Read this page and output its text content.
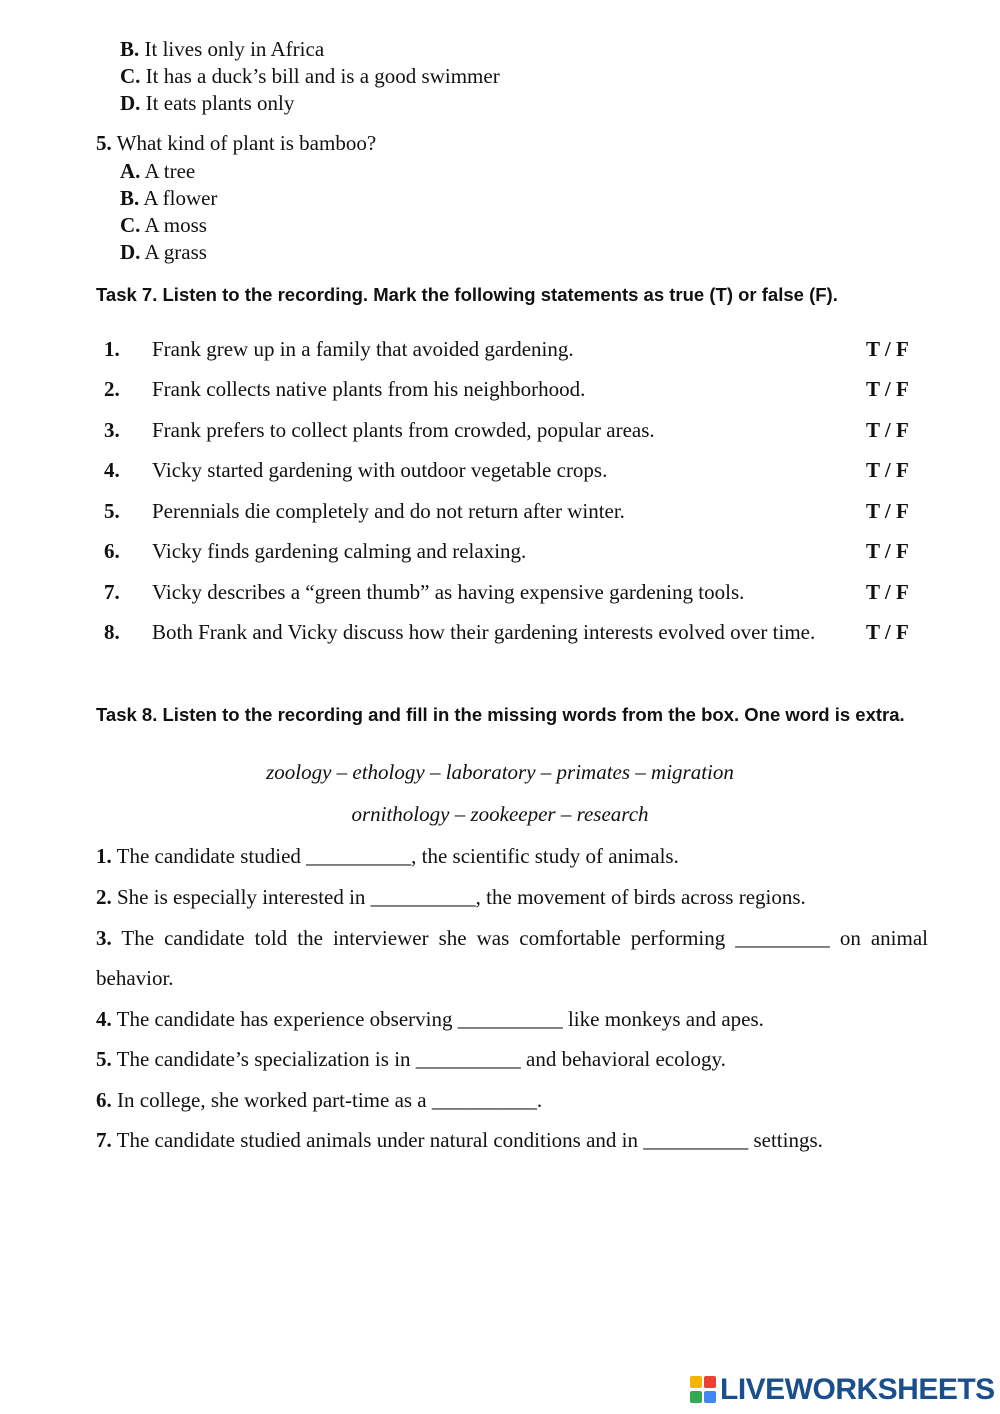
B. It lives only in Africa
C. It has a duck’s bill and is a good swimmer
D. It eats plants only
5. What kind of plant is bamboo?
A. A tree
B. A flower
C. A moss
D. A grass
Task 7. Listen to the recording. Mark the following statements as true (T) or false (F).
1. Frank grew up in a family that avoided gardening.	T / F
2. Frank collects native plants from his neighborhood.	T / F
3. Frank prefers to collect plants from crowded, popular areas.	T / F
4. Vicky started gardening with outdoor vegetable crops.	T / F
5. Perennials die completely and do not return after winter.	T / F
6. Vicky finds gardening calming and relaxing.	T / F
7. Vicky describes a “green thumb” as having expensive gardening tools.	T / F
8. Both Frank and Vicky discuss how their gardening interests evolved over time.	T / F
Task 8. Listen to the recording and fill in the missing words from the box. One word is extra.
zoology – ethology – laboratory – primates – migration
ornithology – zookeeper – research
1. The candidate studied __________, the scientific study of animals.
2. She is especially interested in __________, the movement of birds across regions.
3. The candidate told the interviewer she was comfortable performing _________ on animal behavior.
4. The candidate has experience observing __________ like monkeys and apes.
5. The candidate’s specialization is in __________ and behavioral ecology.
6. In college, she worked part-time as a __________.
7. The candidate studied animals under natural conditions and in __________ settings.
LIVEWORKSHEETS
